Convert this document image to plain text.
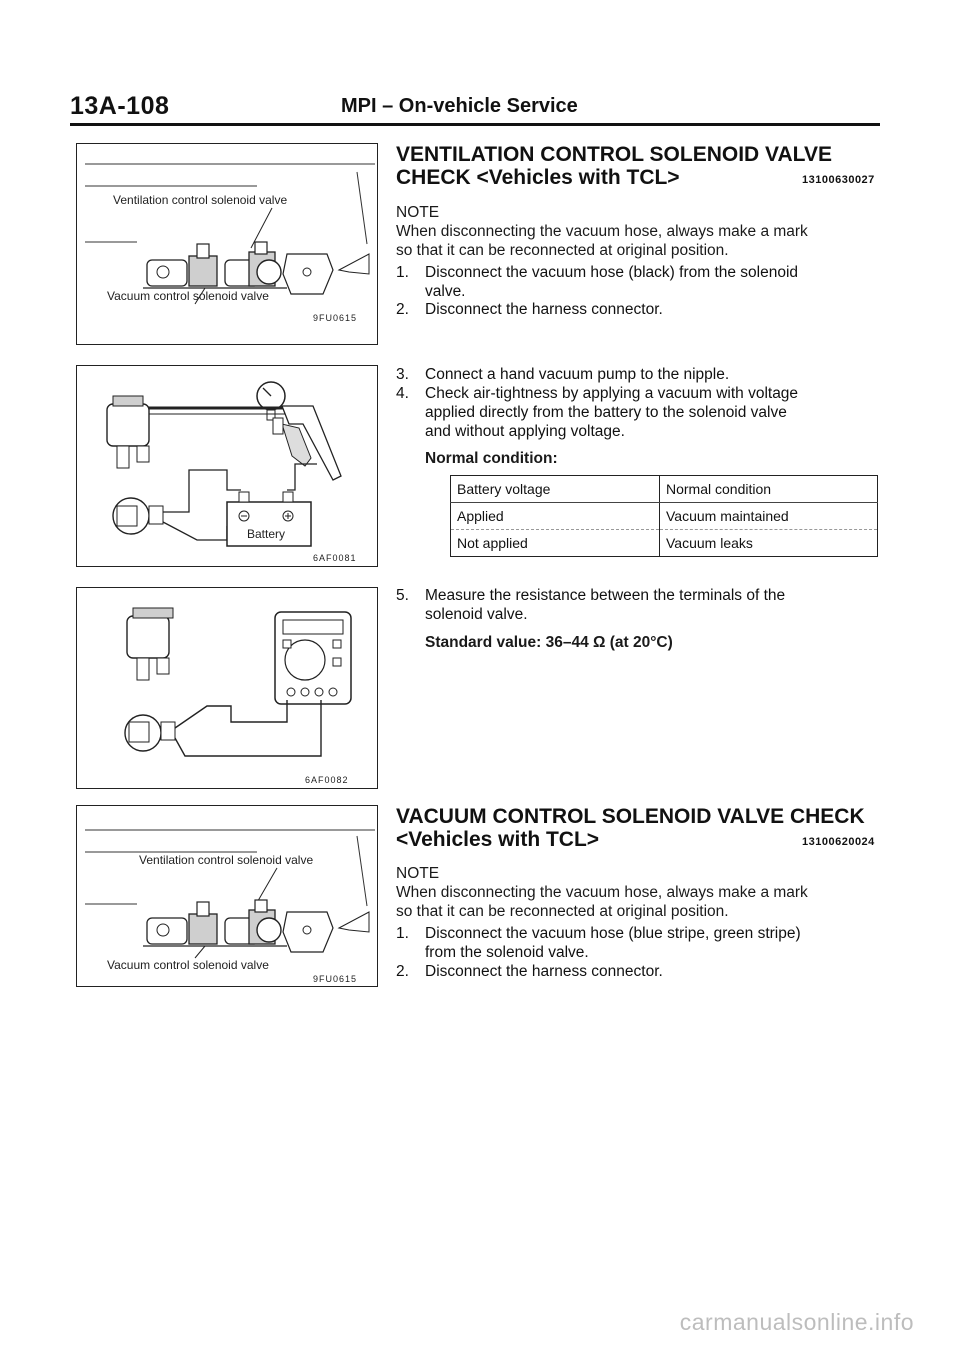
13A-108	MPI – On-vehicle Service
Ventilation control solenoid valve
Vacuum control solenoid valve
9FU0615
Battery
6AF0081
6AF0082
Ventilation control solenoid valve
Vacuum control solenoid valve
9FU0615
VENTILATION CONTROL SOLENOID VALVE
CHECK <Vehicles with TCL>	13100630027
NOTE
When disconnecting the vacuum hose, always make a mark
so that it can be reconnected at original position.
1. Disconnect the vacuum hose (black) from the solenoid
valve.
2. Disconnect the harness connector.
3. Connect a hand vacuum pump to the nipple.
4. Check air-tightness by applying a vacuum with voltage
applied directly from the battery to the solenoid valve
and without applying voltage.
Normal condition:
Battery voltage	Normal condition
Applied	Vacuum maintained
Not applied	Vacuum leaks
5. Measure the resistance between the terminals of the
solenoid valve.
Standard value: 36–44 Ω (at 20°C)
VACUUM CONTROL SOLENOID VALVE CHECK
<Vehicles with TCL>	13100620024
NOTE
When disconnecting the vacuum hose, always make a mark
so that it can be reconnected at original position.
1. Disconnect the vacuum hose (blue stripe, green stripe)
from the solenoid valve.
2. Disconnect the harness connector.
carmanualsonline.info
